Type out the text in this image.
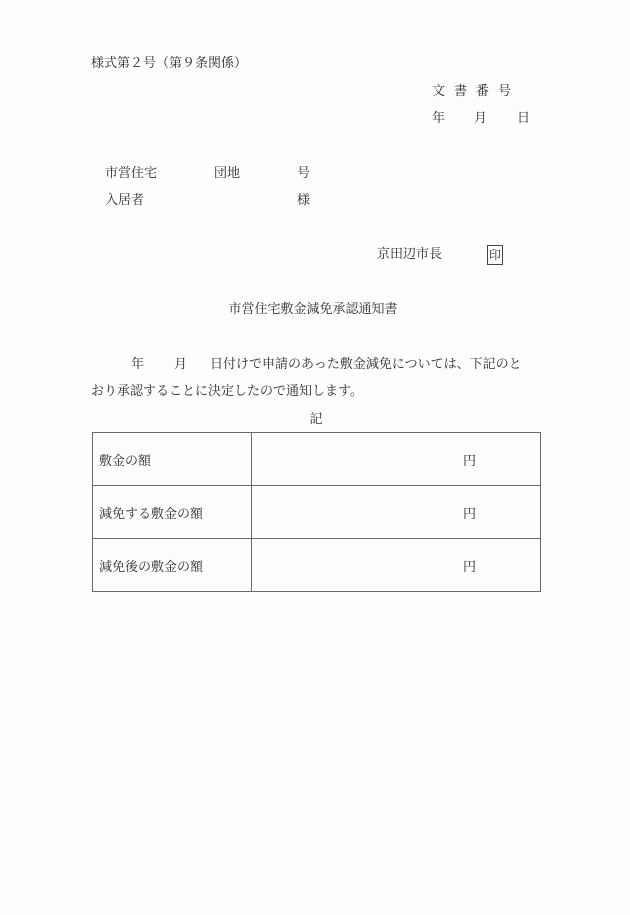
様式第２号（第９条関係）
文書番号
年 月 日
市営住宅	団地	号
入居者	様
京田辺市長	印
市営住宅敷金減免承認通知書
年 月 日付けで申請のあった敷金減免については、下記のと
おり承認することに決定したので通知します。
記
敷金の額	円
減免する敷金の額	円
減免後の敷金の額	円
